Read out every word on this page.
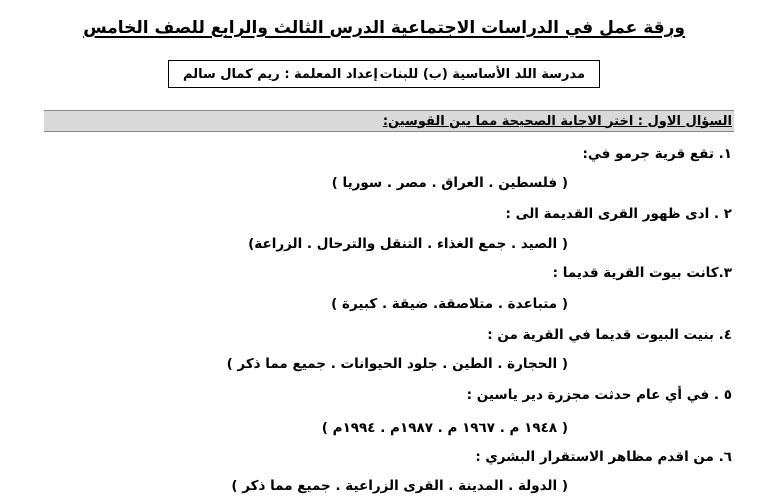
ورقة عمل في الدراسات الاجتماعية الدرس الثالث والرابع للصف الخامس
مدرسة اللد الأساسية (ب) للبنات
إعداد المعلمة : ريم كمال سالم
السؤال الاول : اختر الاجابة الصحيحة مما بين القوسين:
١. تقع قرية جرمو في:
( فلسطين . العراق . مصر . سوريا )
٢ . ادى ظهور القرى القديمة الى :
( الصيد . جمع الغذاء . التنقل والترحال . الزراعة)
٣.كانت بيوت القرية قديما :
( متباعدة . متلاصقة. ضيقة . كبيرة )
٤. بنيت البيوت قديما في القرية من :
( الحجارة . الطين . جلود الحيوانات . جميع مما ذكر )
٥ . في أي عام حدثت مجزرة دير ياسين :
( ١٩٤٨ م . ١٩٦٧ م . ١٩٨٧م . ١٩٩٤م )
٦. من اقدم مظاهر الاستقرار البشري :
( الدولة . المدينة . القرى الزراعية . جميع مما ذكر )
